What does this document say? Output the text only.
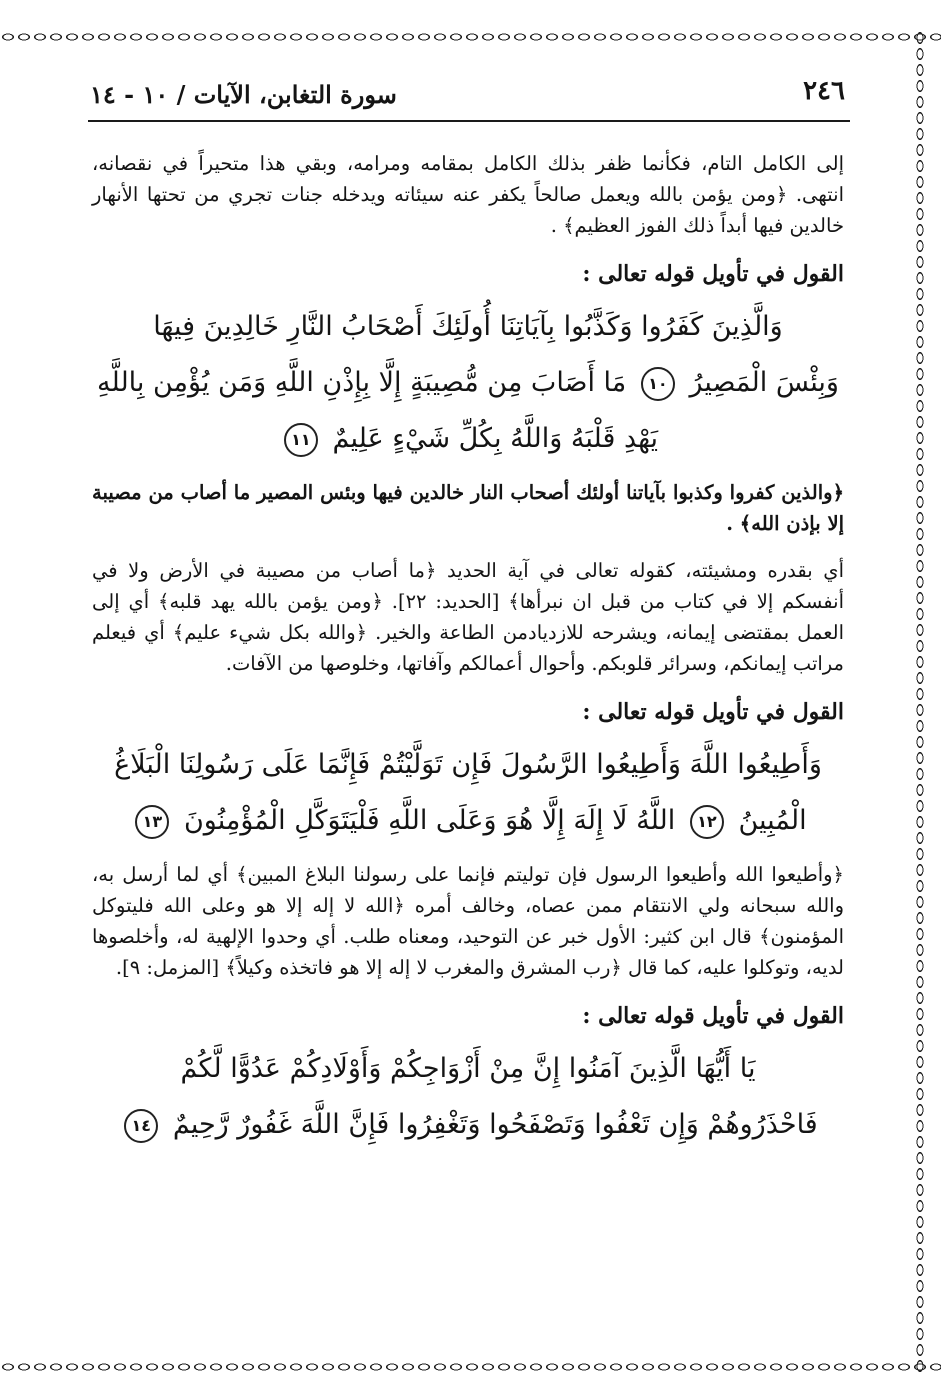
٢٤٦
سورة التغابن، الآيات / ١٠ - ١٤

إلى الكامل التام، فكأنما ظفر بذلك الكامل بمقامه ومرامه، وبقي هذا متحيراً في نقصانه، انتهى. ﴿ومن يؤمن بالله ويعمل صالحاً يكفر عنه سيئاته ويدخله جنات تجري من تحتها الأنهار خالدين فيها أبداً ذلك الفوز العظيم﴾ .

القول في تأويل قوله تعالى :
وَالَّذِينَ كَفَرُوا وَكَذَّبُوا بِآيَاتِنَا أُولَئِكَ أَصْحَابُ النَّارِ خَالِدِينَ فِيهَا
وَبِئْسَ الْمَصِيرُ ١٠ مَا أَصَابَ مِن مُّصِيبَةٍ إِلَّا بِإِذْنِ اللَّهِ وَمَن يُؤْمِن بِاللَّهِ
يَهْدِ قَلْبَهُ وَاللَّهُ بِكُلِّ شَيْءٍ عَلِيمٌ ١١

﴿والذين كفروا وكذبوا بآياتنا أولئك أصحاب النار خالدين فيها وبئس المصير ما أصاب من مصيبة إلا بإذن الله﴾ .

أي بقدره ومشيئته، كقوله تعالى في آية الحديد ﴿ما أصاب من مصيبة في الأرض ولا في أنفسكم إلا في كتاب من قبل ان نبرأها﴾ [الحديد: ٢٢]. ﴿ومن يؤمن بالله يهد قلبه﴾ أي إلى العمل بمقتضى إيمانه، ويشرحه للازديادمن الطاعة والخير. ﴿والله بكل شيء عليم﴾ أي فيعلم مراتب إيمانكم، وسرائر قلوبكم. وأحوال أعمالكم وآفاتها، وخلوصها من الآفات.

القول في تأويل قوله تعالى :
وَأَطِيعُوا اللَّهَ وَأَطِيعُوا الرَّسُولَ فَإِن تَوَلَّيْتُمْ فَإِنَّمَا عَلَى رَسُولِنَا الْبَلَاغُ
الْمُبِينُ ١٢ اللَّهُ لَا إِلَهَ إِلَّا هُوَ وَعَلَى اللَّهِ فَلْيَتَوَكَّلِ الْمُؤْمِنُونَ ١٣

﴿وأطيعوا الله وأطيعوا الرسول فإن توليتم فإنما على رسولنا البلاغ المبين﴾ أي لما أرسل به، والله سبحانه ولي الانتقام ممن عصاه، وخالف أمره ﴿الله لا إله إلا هو وعلى الله فليتوكل المؤمنون﴾ قال ابن كثير: الأول خبر عن التوحيد، ومعناه طلب. أي وحدوا الإلهية له، وأخلصوها لديه، وتوكلوا عليه، كما قال ﴿رب المشرق والمغرب لا إله إلا هو فاتخذه وكيلاً﴾ [المزمل: ٩].

القول في تأويل قوله تعالى :
يَا أَيُّهَا الَّذِينَ آمَنُوا إِنَّ مِنْ أَزْوَاجِكُمْ وَأَوْلَادِكُمْ عَدُوًّا لَّكُمْ
فَاحْذَرُوهُمْ وَإِن تَعْفُوا وَتَصْفَحُوا وَتَغْفِرُوا فَإِنَّ اللَّهَ غَفُورٌ رَّحِيمٌ ١٤
